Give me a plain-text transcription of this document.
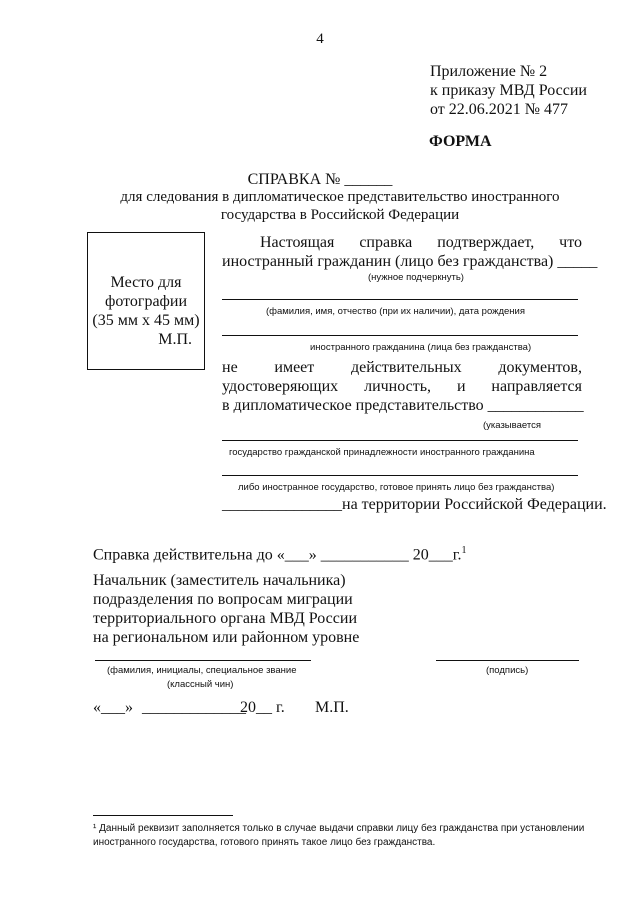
4
Приложение № 2
к приказу МВД России
от 22.06.2021 № 477
ФОРМА
СПРАВКА № ______
для следования в дипломатическое представительство иностранного
государства в Российской Федерации
Место для
фотографии
(35 мм х 45 мм)
М.П.
Настоящая справка подтверждает, что
иностранный гражданин (лицо без гражданства) _____
(нужное подчеркнуть)
(фамилия, имя, отчество (при их наличии), дата рождения
иностранного гражданина (лица без гражданства)
не имеет действительных документов,
удостоверяющих личность, и направляется
в дипломатическое представительство ____________
(указывается
государство гражданской принадлежности иностранного гражданина
либо иностранное государство, готовое принять лицо без гражданства)
_______________на территории Российской Федерации.
Справка действительна до «___» ___________ 20___г.$^1$
Начальник (заместитель начальника)
подразделения по вопросам миграции
территориального органа МВД России
на региональном или районном уровне
(фамилия, инициалы, специальное звание
(классный чин)
(подпись)
«___» _____________
20__ г. М.П.
¹ Данный реквизит заполняется только в случае выдачи справки лицу без гражданства при установлении
иностранного государства, готового принять такое лицо без гражданства.
